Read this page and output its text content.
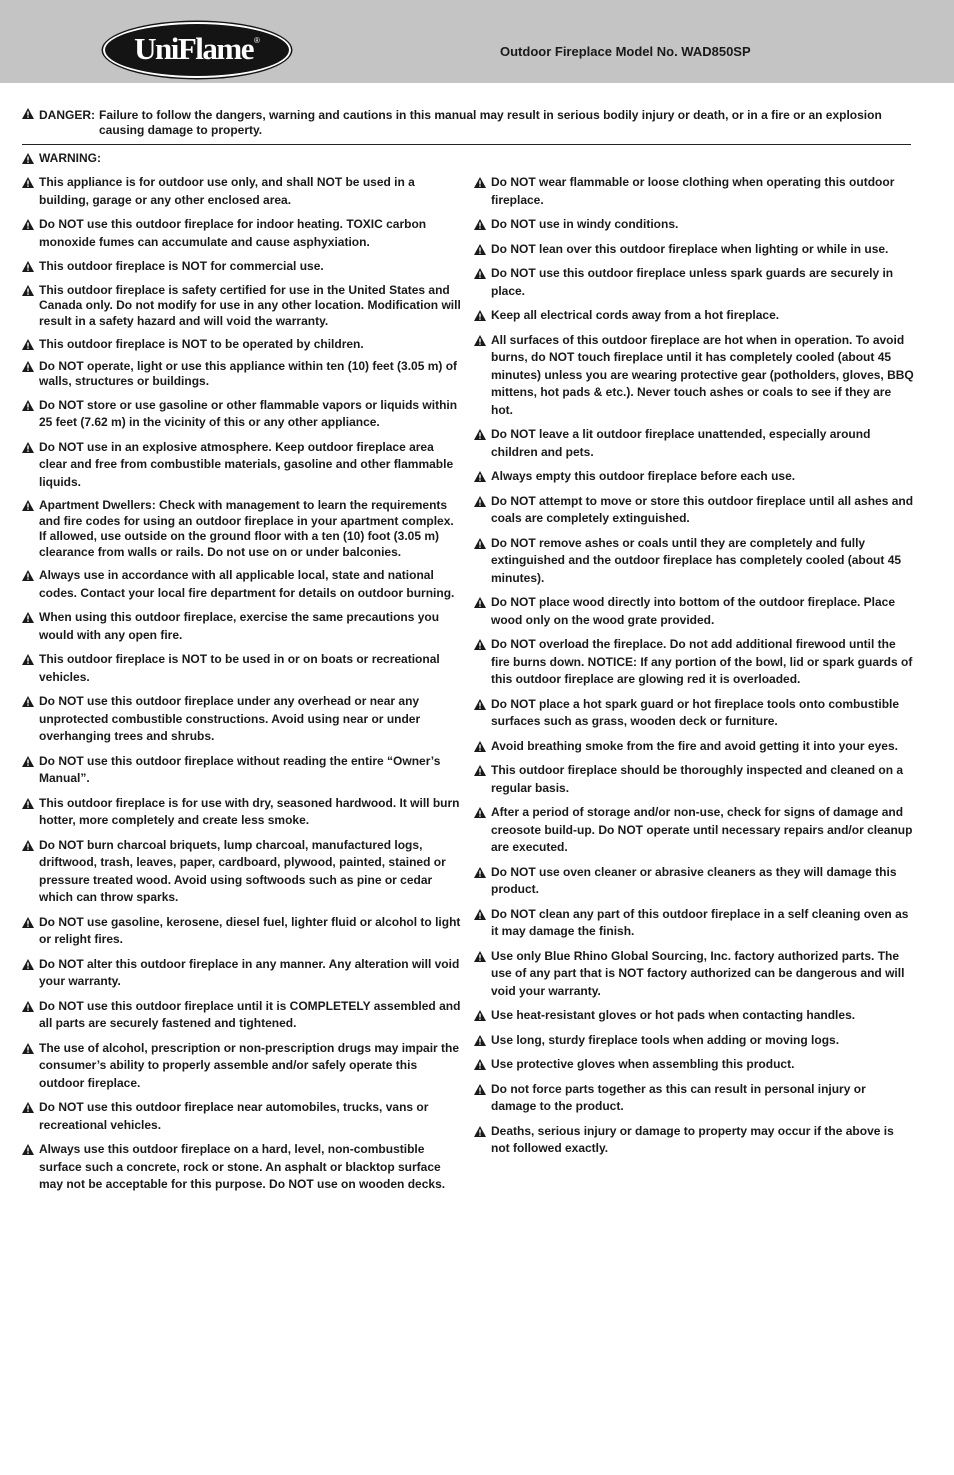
UniFlame ®
Outdoor Fireplace Model No. WAD850SP
DANGER: Failure to follow the dangers, warning and cautions in this manual may result in serious bodily injury or death, or in a fire or an explosion causing damage to property.
WARNING:
This appliance is for outdoor use only, and shall NOT be used in a building, garage or any other enclosed area.
Do NOT use this outdoor fireplace for indoor heating. TOXIC carbon monoxide fumes can accumulate and cause asphyxiation.
This outdoor fireplace is NOT for commercial use.
This outdoor fireplace is safety certified for use in the United States and Canada only. Do not modify for use in any other location. Modification will result in a safety hazard and will void the warranty.
This outdoor fireplace is NOT to be operated by children.
Do NOT operate, light or use this appliance within ten (10) feet (3.05 m) of walls, structures or buildings.
Do NOT store or use gasoline or other flammable vapors or liquids within 25 feet (7.62 m) in the vicinity of this or any other appliance.
Do NOT use in an explosive atmosphere. Keep outdoor fireplace area clear and free from combustible materials, gasoline and other flammable liquids.
Apartment Dwellers: Check with management to learn the requirements and fire codes for using an outdoor fireplace in your apartment complex. If allowed, use outside on the ground floor with a ten (10) foot (3.05 m) clearance from walls or rails. Do not use on or under balconies.
Always use in accordance with all applicable local, state and national codes. Contact your local fire department for details on outdoor burning.
When using this outdoor fireplace, exercise the same precautions you would with any open fire.
This outdoor fireplace is NOT to be used in or on boats or recreational vehicles.
Do NOT use this outdoor fireplace under any overhead or near any unprotected combustible constructions. Avoid using near or under overhanging trees and shrubs.
Do NOT use this outdoor fireplace without reading the entire “Owner’s Manual”.
This outdoor fireplace is for use with dry, seasoned hardwood. It will burn hotter, more completely and create less smoke.
Do NOT burn charcoal briquets, lump charcoal, manufactured logs, driftwood, trash, leaves, paper, cardboard, plywood, painted, stained or pressure treated wood. Avoid using softwoods such as pine or cedar which can throw sparks.
Do NOT use gasoline, kerosene, diesel fuel, lighter fluid or alcohol to light or relight fires.
Do NOT alter this outdoor fireplace in any manner. Any alteration will void your warranty.
Do NOT use this outdoor fireplace until it is COMPLETELY assembled and all parts are securely fastened and tightened.
The use of alcohol, prescription or non-prescription drugs may impair the consumer’s ability to properly assemble and/or safely operate this outdoor fireplace.
Do NOT use this outdoor fireplace near automobiles, trucks, vans or recreational vehicles.
Always use this outdoor fireplace on a hard, level, non-combustible surface such a concrete, rock or stone. An asphalt or blacktop surface may not be acceptable for this purpose. Do NOT use on wooden decks.
Do NOT wear flammable or loose clothing when operating this outdoor fireplace.
Do NOT use in windy conditions.
Do NOT lean over this outdoor fireplace when lighting or while in use.
Do NOT use this outdoor fireplace unless spark guards are securely in place.
Keep all electrical cords away from a hot fireplace.
All surfaces of this outdoor fireplace are hot when in operation. To avoid burns, do NOT touch fireplace until it has completely cooled (about 45 minutes) unless you are wearing protective gear (potholders, gloves, BBQ mittens, hot pads & etc.). Never touch ashes or coals to see if they are hot.
Do NOT leave a lit outdoor fireplace unattended, especially around children and pets.
Always empty this outdoor fireplace before each use.
Do NOT attempt to move or store this outdoor fireplace until all ashes and coals are completely extinguished.
Do NOT remove ashes or coals until they are completely and fully extinguished and the outdoor fireplace has completely cooled (about 45 minutes).
Do NOT place wood directly into bottom of the outdoor fireplace. Place wood only on the wood grate provided.
Do NOT overload the fireplace. Do not add additional firewood until the fire burns down. NOTICE: If any portion of the bowl, lid or spark guards of this outdoor fireplace are glowing red it is overloaded.
Do NOT place a hot spark guard or hot fireplace tools onto combustible surfaces such as grass, wooden deck or furniture.
Avoid breathing smoke from the fire and avoid getting it into your eyes.
This outdoor fireplace should be thoroughly inspected and cleaned on a regular basis.
After a period of storage and/or non-use, check for signs of damage and creosote build-up. Do NOT operate until necessary repairs and/or cleanup are executed.
Do NOT use oven cleaner or abrasive cleaners as they will damage this product.
Do NOT clean any part of this outdoor fireplace in a self cleaning oven as it may damage the finish.
Use only Blue Rhino Global Sourcing, Inc. factory authorized parts. The use of any part that is NOT factory authorized can be dangerous and will void your warranty.
Use heat-resistant gloves or hot pads when contacting handles.
Use long, sturdy fireplace tools when adding or moving logs.
Use protective gloves when assembling this product.
Do not force parts together as this can result in personal injury or damage to the product.
Deaths, serious injury or damage to property may occur if the above is not followed exactly.
